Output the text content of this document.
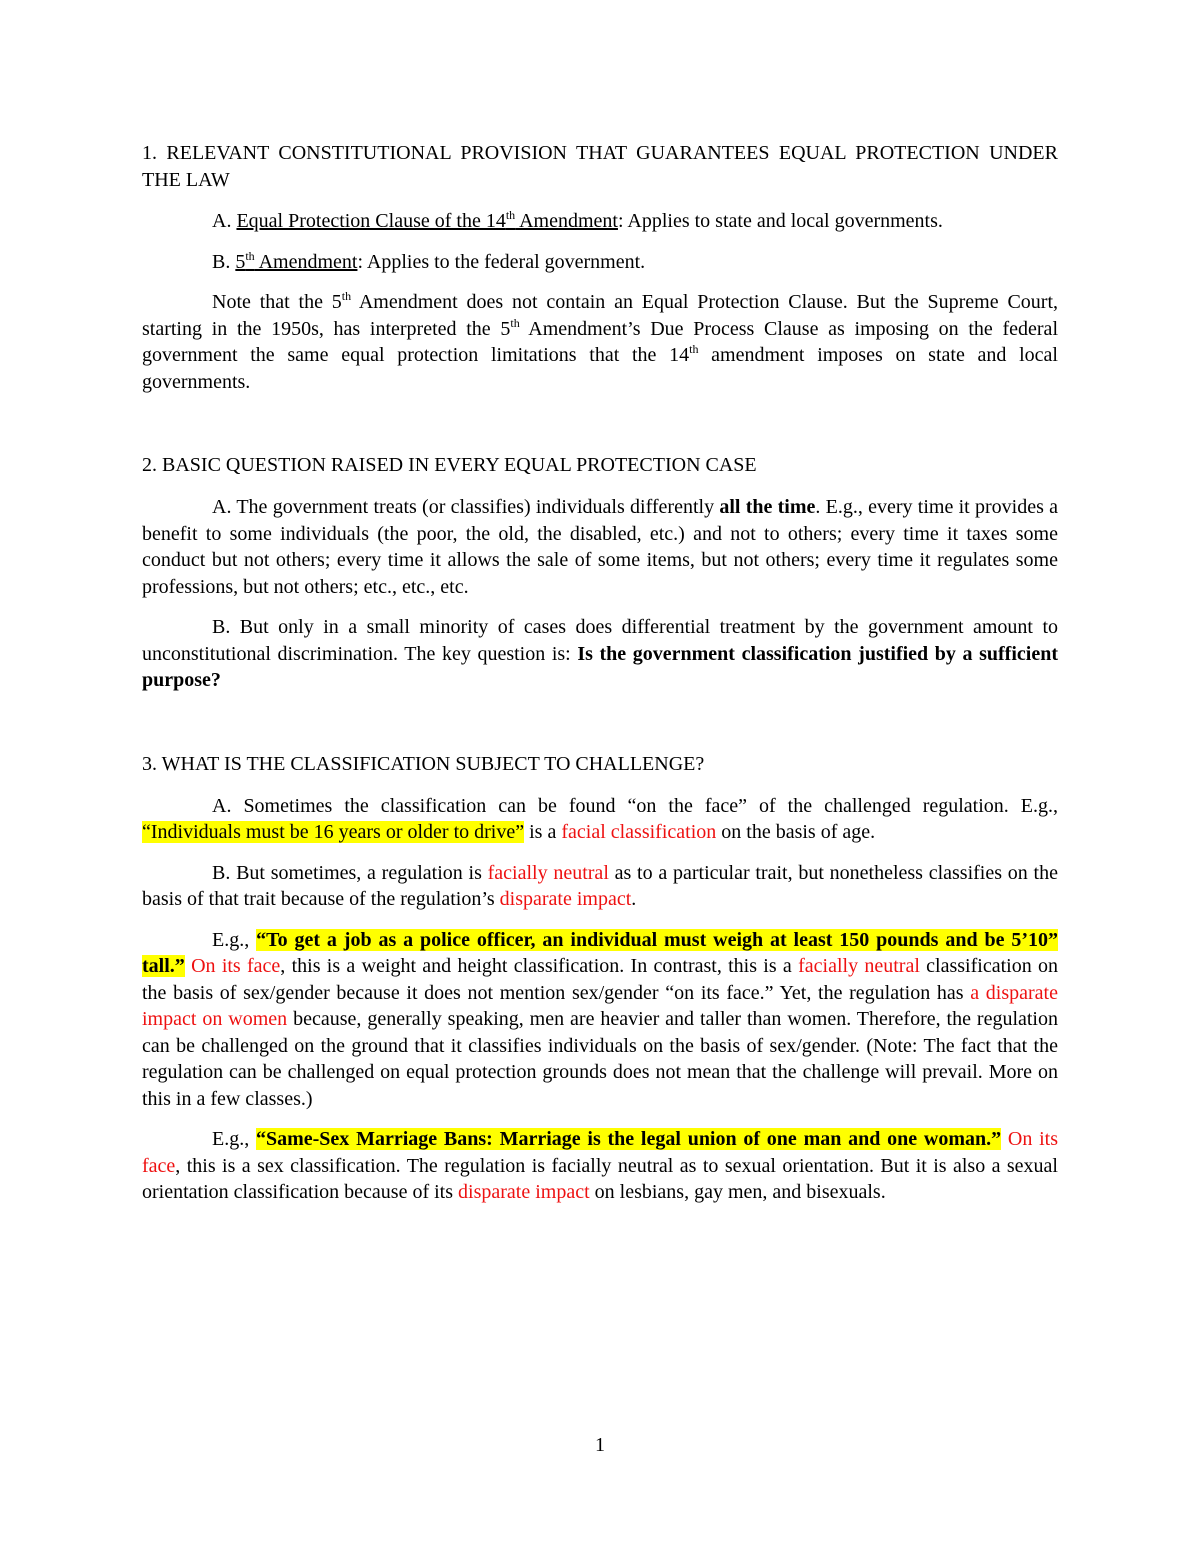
1. RELEVANT CONSTITUTIONAL PROVISION THAT GUARANTEES EQUAL PROTECTION UNDER THE LAW

A. Equal Protection Clause of the 14th Amendment: Applies to state and local governments.

B. 5th Amendment: Applies to the federal government.

Note that the 5th Amendment does not contain an Equal Protection Clause. But the Supreme Court, starting in the 1950s, has interpreted the 5th Amendment’s Due Process Clause as imposing on the federal government the same equal protection limitations that the 14th amendment imposes on state and local governments.

2. BASIC QUESTION RAISED IN EVERY EQUAL PROTECTION CASE

A. The government treats (or classifies) individuals differently all the time. E.g., every time it provides a benefit to some individuals (the poor, the old, the disabled, etc.) and not to others; every time it taxes some conduct but not others; every time it allows the sale of some items, but not others; every time it regulates some professions, but not others; etc., etc., etc.

B. But only in a small minority of cases does differential treatment by the government amount to unconstitutional discrimination. The key question is: Is the government classification justified by a sufficient purpose?

3. WHAT IS THE CLASSIFICATION SUBJECT TO CHALLENGE?

A. Sometimes the classification can be found “on the face” of the challenged regulation. E.g., “Individuals must be 16 years or older to drive” is a facial classification on the basis of age.

B. But sometimes, a regulation is facially neutral as to a particular trait, but nonetheless classifies on the basis of that trait because of the regulation’s disparate impact.

E.g., “To get a job as a police officer, an individual must weigh at least 150 pounds and be 5’10” tall.” On its face, this is a weight and height classification. In contrast, this is a facially neutral classification on the basis of sex/gender because it does not mention sex/gender “on its face.” Yet, the regulation has a disparate impact on women because, generally speaking, men are heavier and taller than women. Therefore, the regulation can be challenged on the ground that it classifies individuals on the basis of sex/gender. (Note: The fact that the regulation can be challenged on equal protection grounds does not mean that the challenge will prevail. More on this in a few classes.)

E.g., “Same-Sex Marriage Bans: Marriage is the legal union of one man and one woman.” On its face, this is a sex classification. The regulation is facially neutral as to sexual orientation. But it is also a sexual orientation classification because of its disparate impact on lesbians, gay men, and bisexuals.

1
